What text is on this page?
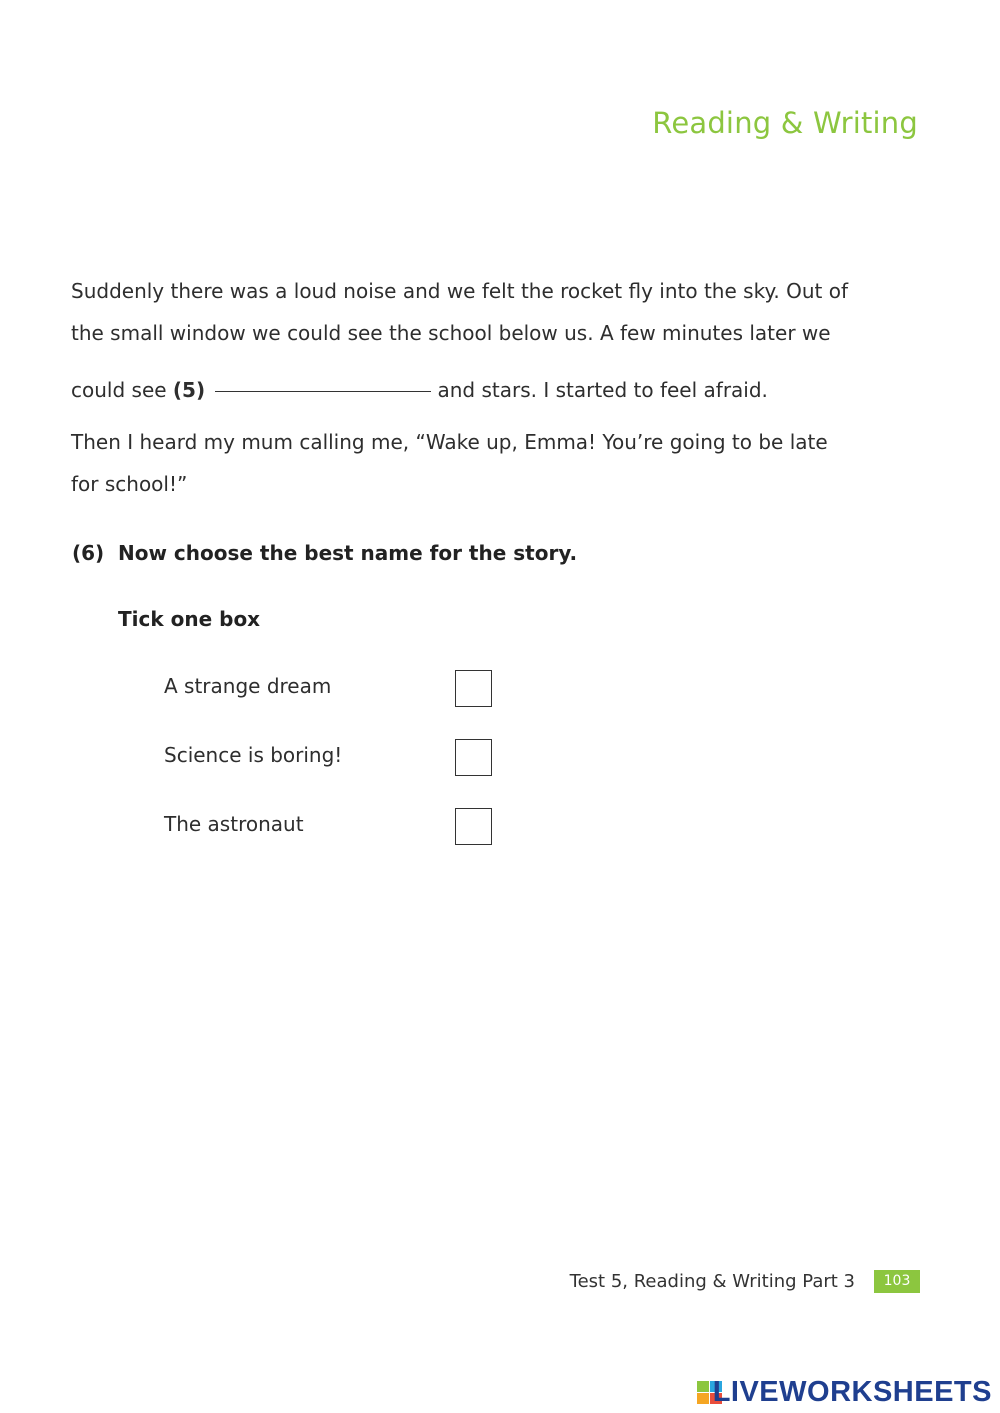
Reading & Writing
Suddenly there was a loud noise and we felt the rocket fly into the sky. Out of
the small window we could see the school below us. A few minutes later we
could see (5)	and stars. I started to feel afraid.
Then I heard my mum calling me, “Wake up, Emma! You’re going to be late
for school!”
(6) Now choose the best name for the story.
Tick one box
A strange dream
Science is boring!
The astronaut
Test 5, Reading & Writing Part 3	103
LIVEWORKSHEETS
